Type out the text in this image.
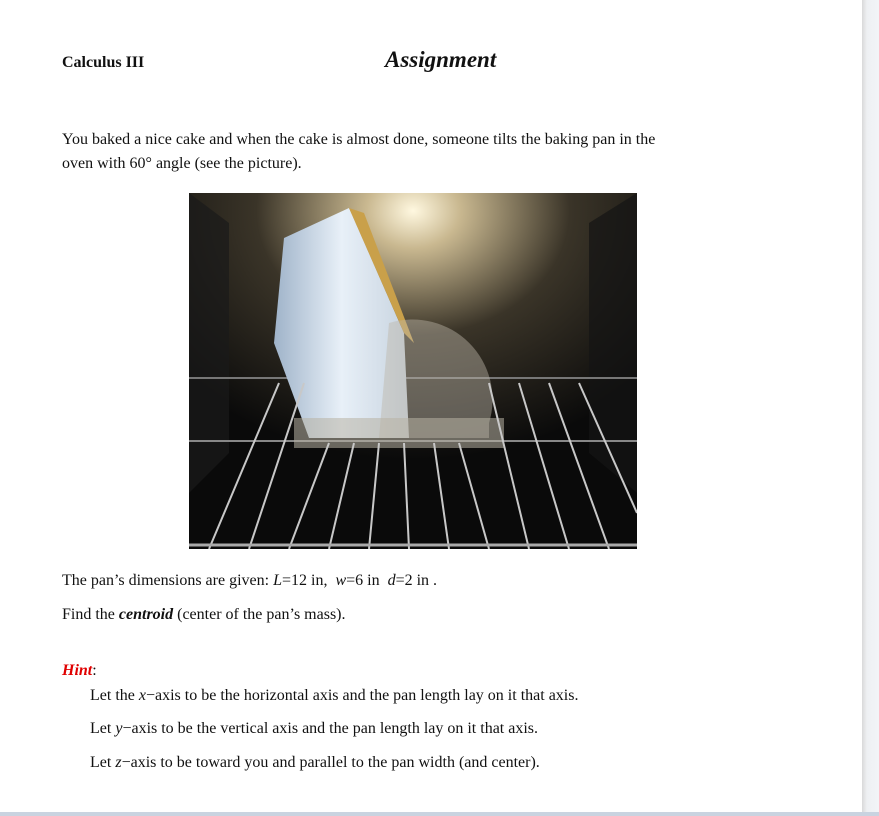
Calculus III	Assignment
You baked a nice cake and when the cake is almost done, someone tilts the baking pan in the
oven with 60° angle (see the picture).
The pan’s dimensions are given: L=12 in, w=6 in d=2 in .
Find the centroid (center of the pan’s mass).
Hint:
Let the x−axis to be the horizontal axis and the pan length lay on it that axis.
Let y−axis to be the vertical axis and the pan length lay on it that axis.
Let z−axis to be toward you and parallel to the pan width (and center).
